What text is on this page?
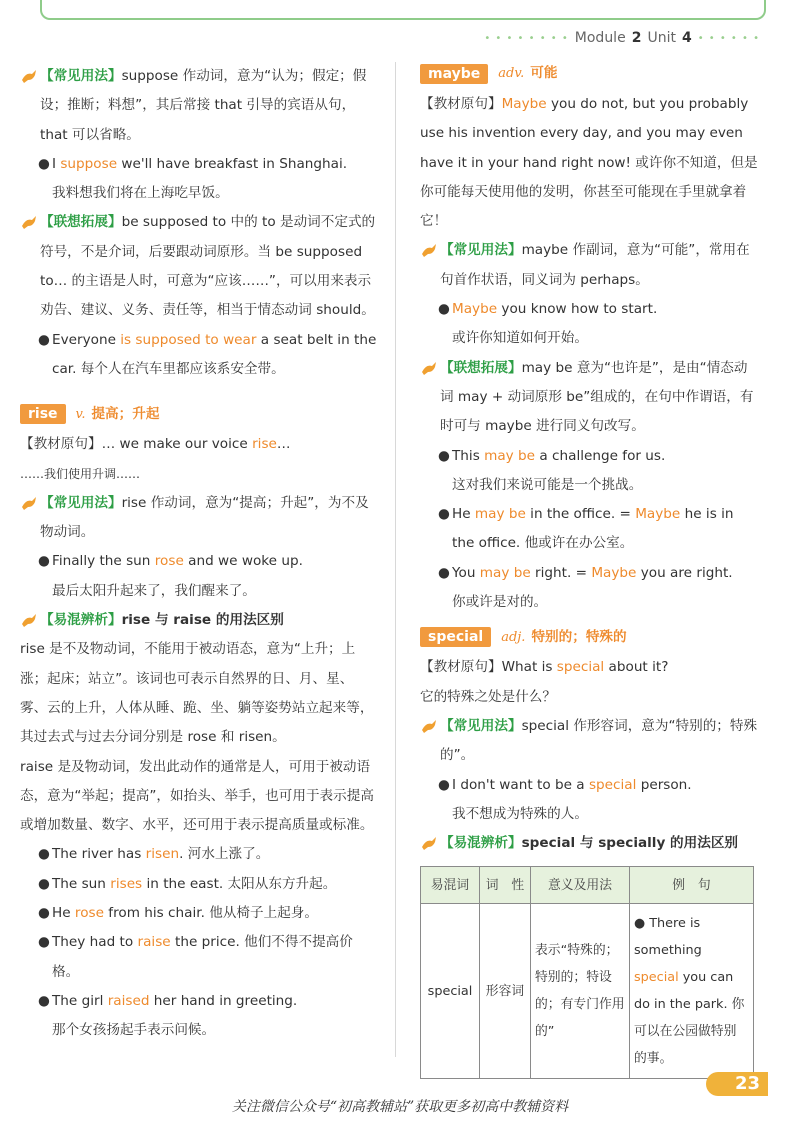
• • • • • • • • Module 2 Unit 4 • • • • • •

【常见用法】suppose 作动词，意为“认为；假定；假设；推断；料想”，其后常接 that 引导的宾语从句，that 可以省略。

● I suppose we'll have breakfast in Shanghai.
我料想我们将在上海吃早饭。

【联想拓展】be supposed to 中的 to 是动词不定式的符号，不是介词，后要跟动词原形。当 be supposed to… 的主语是人时，可意为“应该……”，可以用来表示劝告、建议、义务、责任等，相当于情态动词 should。

● Everyone is supposed to wear a seat belt in the car. 每个人在汽车里都应该系安全带。
rise	v. 提高；升起

【教材原句】… we make our voice rise…
……我们使用升调……

【常见用法】rise 作动词，意为“提高；升起”，为不及物动词。

● Finally the sun rose and we woke up.
最后太阳升起来了，我们醒来了。

【易混辨析】rise 与 raise 的用法区别

rise 是不及物动词，不能用于被动语态，意为“上升；上涨；起床；站立”。该词也可表示自然界的日、月、星、雾、云的上升，人体从睡、跪、坐、躺等姿势站立起来等，其过去式与过去分词分别是 rose 和 risen。

raise 是及物动词，发出此动作的通常是人，可用于被动语态，意为“举起；提高”，如抬头、举手，也可用于表示提高或增加数量、数字、水平，还可用于表示提高质量或标准。

● The river has risen. 河水上涨了。
● The sun rises in the east. 太阳从东方升起。
● He rose from his chair. 他从椅子上起身。
● They had to raise the price. 他们不得不提高价格。
● The girl raised her hand in greeting.
那个女孩扬起手表示问候。
maybe	adv. 可能

【教材原句】Maybe you do not, but you probably use his invention every day, and you may even have it in your hand right now! 或许你不知道，但是你可能每天使用他的发明，你甚至可能现在手里就拿着它！

【常见用法】maybe 作副词，意为“可能”，常用在句首作状语，同义词为 perhaps。

● Maybe you know how to start.
或许你知道如何开始。

【联想拓展】may be 意为“也许是”，是由“情态动词 may + 动词原形 be”组成的，在句中作谓语，有时可与 maybe 进行同义句改写。

● This may be a challenge for us.
这对我们来说可能是一个挑战。
● He may be in the office. = Maybe he is in the office. 他或许在办公室。
● You may be right. = Maybe you are right.
你或许是对的。
special	adj. 特别的；特殊的

【教材原句】What is special about it?
它的特殊之处是什么？

【常见用法】special 作形容词，意为“特别的；特殊的”。

● I don't want to be a special person.
我不想成为特殊的人。

【易混辨析】special 与 specially 的用法区别

易混词	词　性	意义及用法	例　句
special	形容词	表示“特殊的；特别的；特设的；有专门作用的”	● There is something special you can do in the park. 你可以在公园做特别的事。
23
关注微信公众号“初高教辅站”获取更多初高中教辅资料
